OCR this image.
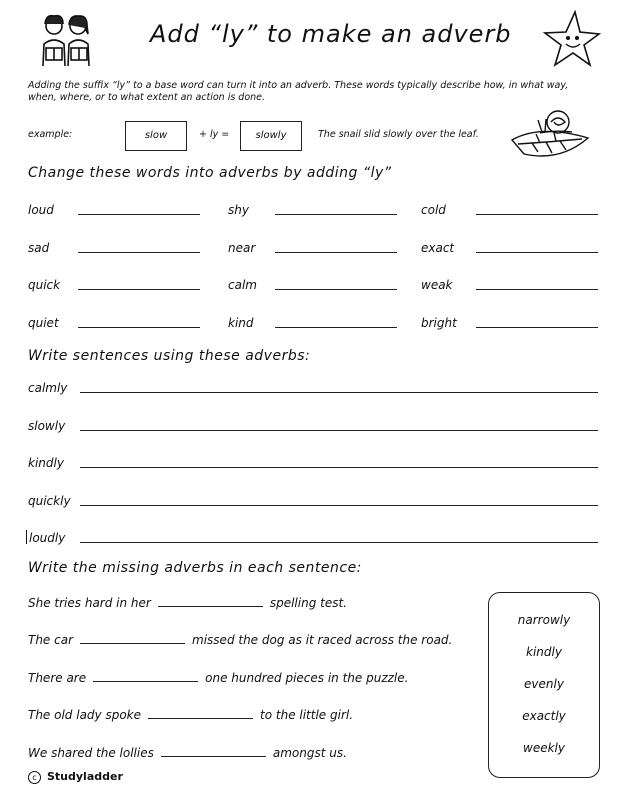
Add “ly” to make an adverb
Adding the suffix “ly” to a base word can turn it into an adverb. These words typically describe how, in what way, when, where, or to what extent an action is done.
example:	slow	+ ly =	slowly	The snail slid slowly over the leaf.
Change these words into adverbs by adding “ly”
loud	shy	cold
sad	near	exact
quick	calm	weak
quiet	kind	bright
Write sentences using these adverbs:
calmly
slowly
kindly
quickly
loudly
Write the missing adverbs in each sentence:
She tries hard in her	spelling test.
The car	missed the dog as it raced across the road.
There are	one hundred pieces in the puzzle.
The old lady spoke	to the little girl.
We shared the lollies	amongst us.
narrowly
kindly
evenly
exactly
weekly
c Studyladder
